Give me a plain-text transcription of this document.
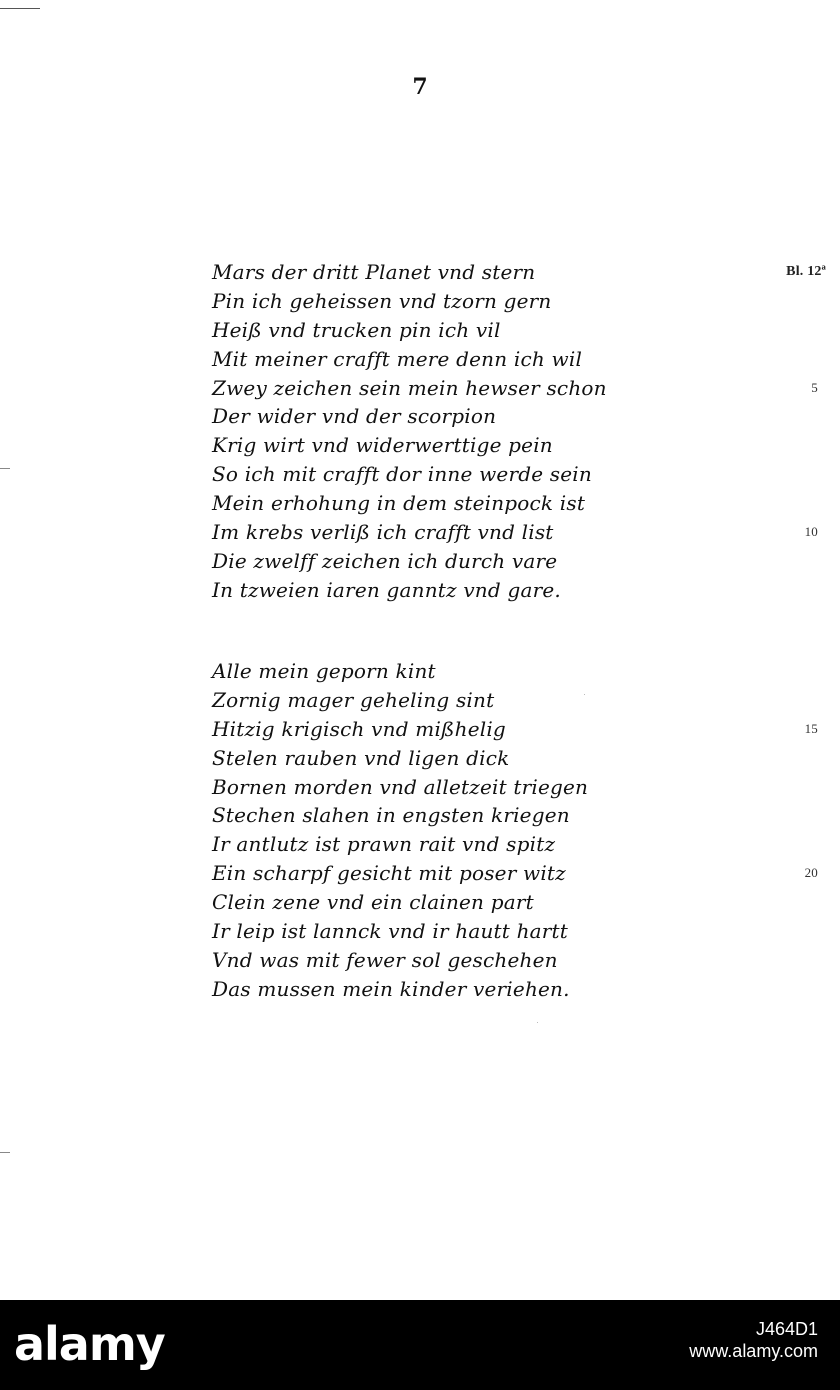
7
Mars der dritt Planet vnd stern	Bl. 12ª
Pin ich geheissen vnd tzorn gern
Heiß vnd trucken pin ich vil
Mit meiner crafft mere denn ich wil
Zwey zeichen sein mein hewser schon	5
Der wider vnd der scorpion
Krig wirt vnd widerwerttige pein
So ich mit crafft dor inne werde sein
Mein erhohung in dem steinpock ist
Im krebs verliß ich crafft vnd list	10
Die zwelff zeichen ich durch vare
In tzweien iaren ganntz vnd gare.
Alle mein geporn kint
Zornig mager geheling sint
Hitzig krigisch vnd mißhelig	15
Stelen rauben vnd ligen dick
Bornen morden vnd alletzeit triegen
Stechen slahen in engsten kriegen
Ir antlutz ist prawn rait vnd spitz
Ein scharpf gesicht mit poser witz	20
Clein zene vnd ein clainen part
Ir leip ist lannck vnd ir hautt hartt
Vnd was mit fewer sol geschehen
Das mussen mein kinder veriehen.
alamy	J464D1
www.alamy.com
